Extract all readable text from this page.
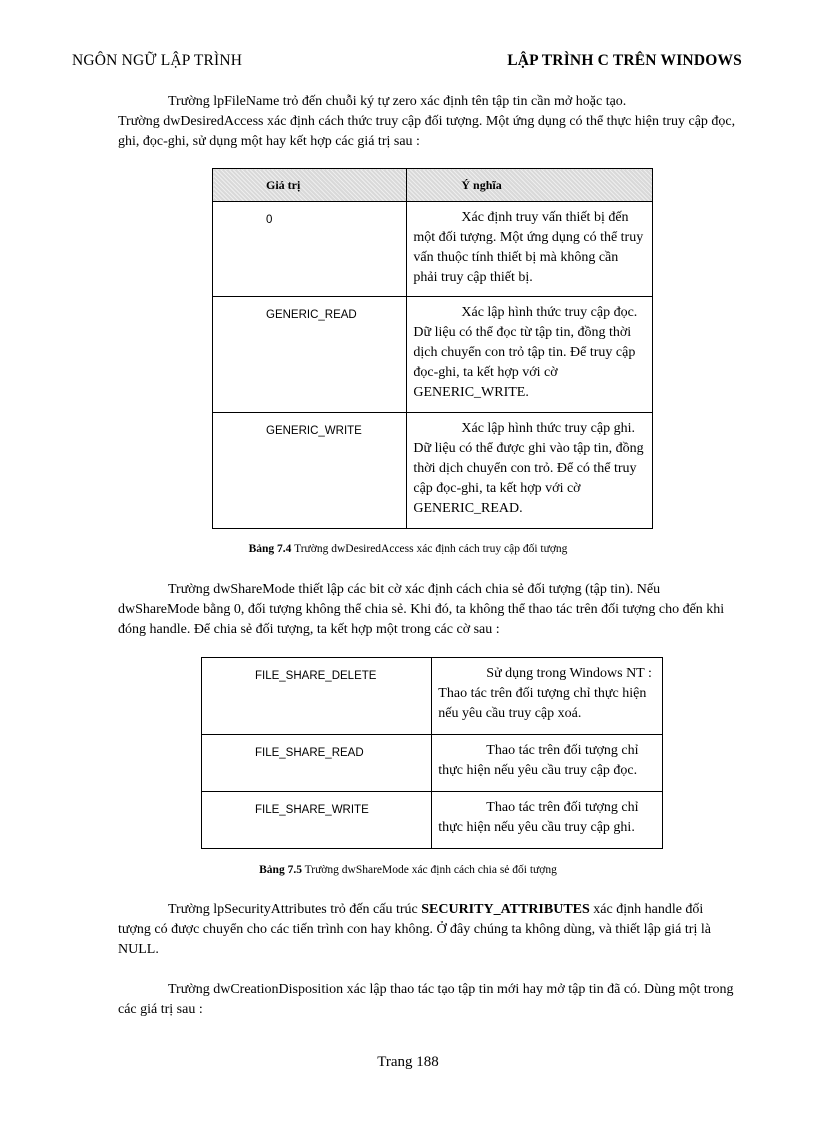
NGÔN NGỮ LẬP TRÌNH	LẬP TRÌNH C TRÊN WINDOWS

Trường lpFileName trỏ đến chuỗi ký tự zero xác định tên tập tin cần mở hoặc tạo.
Trường dwDesiredAccess xác định cách thức truy cập đối tượng. Một ứng dụng có thể thực hiện truy cập đọc, ghi, đọc-ghi, sử dụng một hay kết hợp các giá trị sau :

Giá trị	Ý nghĩa
0	Xác định truy vấn thiết bị đến một đối tượng. Một ứng dụng có thể truy vấn thuộc tính thiết bị mà không cần phải truy cập thiết bị.
GENERIC_READ	Xác lập hình thức truy cập đọc. Dữ liệu có thể đọc từ tập tin, đồng thời dịch chuyển con trỏ tập tin. Để truy cập đọc-ghi, ta kết hợp với cờ GENERIC_WRITE.
GENERIC_WRITE	Xác lập hình thức truy cập ghi. Dữ liệu có thể được ghi vào tập tin, đồng thời dịch chuyển con trỏ. Để có thể truy cập đọc-ghi, ta kết hợp với cờ GENERIC_READ.
Bảng 7.4 Trường dwDesiredAccess xác định cách truy cập đối tượng

Trường dwShareMode thiết lập các bit cờ xác định cách chia sẻ đối tượng (tập tin). Nếu dwShareMode bằng 0, đối tượng không thể chia sẻ. Khi đó, ta không thể thao tác trên đối tượng cho đến khi đóng handle. Để chia sẻ đối tượng, ta kết hợp một trong các cờ sau :

FILE_SHARE_DELETE	Sử dụng trong Windows NT : Thao tác trên đối tượng chỉ thực hiện nếu yêu cầu truy cập xoá.
FILE_SHARE_READ	Thao tác trên đối tượng chỉ thực hiện nếu yêu cầu truy cập đọc.
FILE_SHARE_WRITE	Thao tác trên đối tượng chỉ thực hiện nếu yêu cầu truy cập ghi.
Bảng 7.5 Trường dwShareMode xác định cách chia sẻ đối tượng

Trường lpSecurityAttributes trỏ đến cấu trúc SECURITY_ATTRIBUTES xác định handle đối tượng có được chuyển cho các tiến trình con hay không. Ở đây chúng ta không dùng, và thiết lập giá trị là NULL.

Trường dwCreationDisposition xác lập thao tác tạo tập tin mới hay mở tập tin đã có. Dùng một trong các giá trị sau :

Trang 188
